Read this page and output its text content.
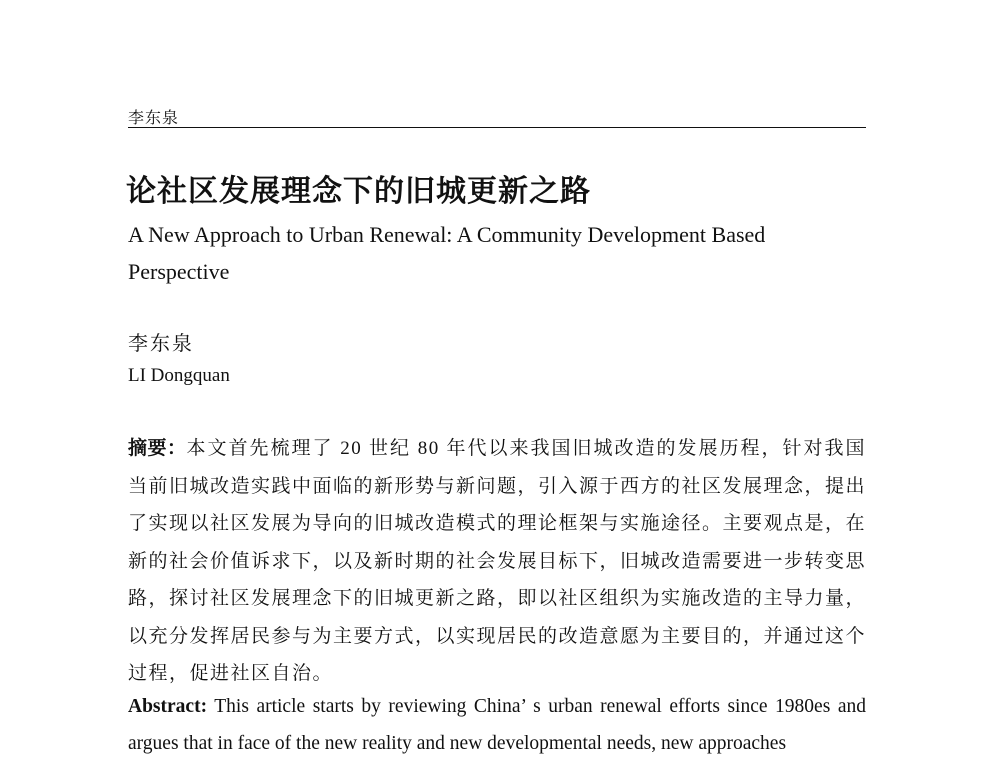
李东泉
论社区发展理念下的旧城更新之路
A New Approach to Urban Renewal: A Community Development Based Perspective
李东泉
LI Dongquan
摘要：本文首先梳理了 20 世纪 80 年代以来我国旧城改造的发展历程，针对我国当前旧城改造实践中面临的新形势与新问题，引入源于西方的社区发展理念，提出了实现以社区发展为导向的旧城改造模式的理论框架与实施途径。主要观点是，在新的社会价值诉求下，以及新时期的社会发展目标下，旧城改造需要进一步转变思路，探讨社区发展理念下的旧城更新之路，即以社区组织为实施改造的主导力量，以充分发挥居民参与为主要方式，以实现居民的改造意愿为主要目的，并通过这个过程，促进社区自治。
Abstract: This article starts by reviewing China’ s urban renewal efforts since 1980es and argues that in face of the new reality and new developmental needs, new approaches
